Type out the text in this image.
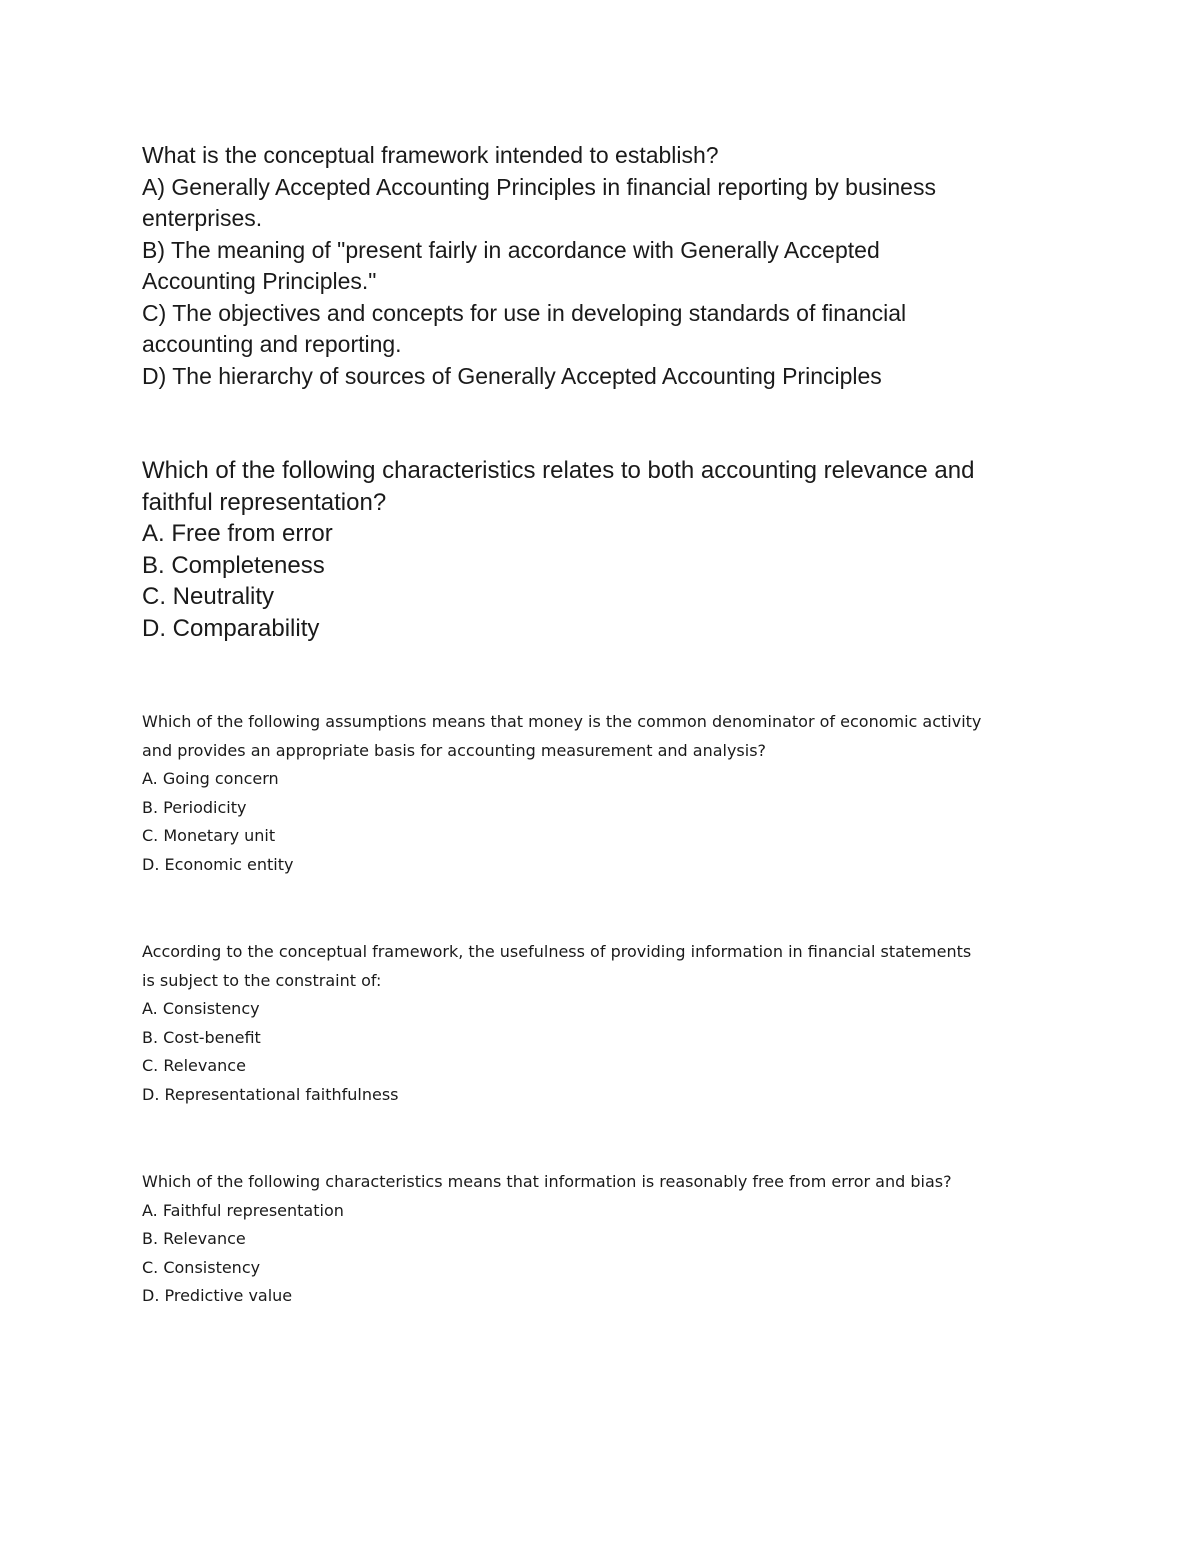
What is the conceptual framework intended to establish?
A) Generally Accepted Accounting Principles in financial reporting by business
enterprises.
B) The meaning of "present fairly in accordance with Generally Accepted
Accounting Principles."
C) The objectives and concepts for use in developing standards of financial
accounting and reporting.
D) The hierarchy of sources of Generally Accepted Accounting Principles
Which of the following characteristics relates to both accounting relevance and
faithful representation?
A. Free from error
B. Completeness
C. Neutrality
D. Comparability
Which of the following assumptions means that money is the common denominator of economic activity
and provides an appropriate basis for accounting measurement and analysis?
A. Going concern
B. Periodicity
C. Monetary unit
D. Economic entity
According to the conceptual framework, the usefulness of providing information in financial statements
is subject to the constraint of:
A. Consistency
B. Cost-benefit
C. Relevance
D. Representational faithfulness
Which of the following characteristics means that information is reasonably free from error and bias?
A. Faithful representation
B. Relevance
C. Consistency
D. Predictive value
